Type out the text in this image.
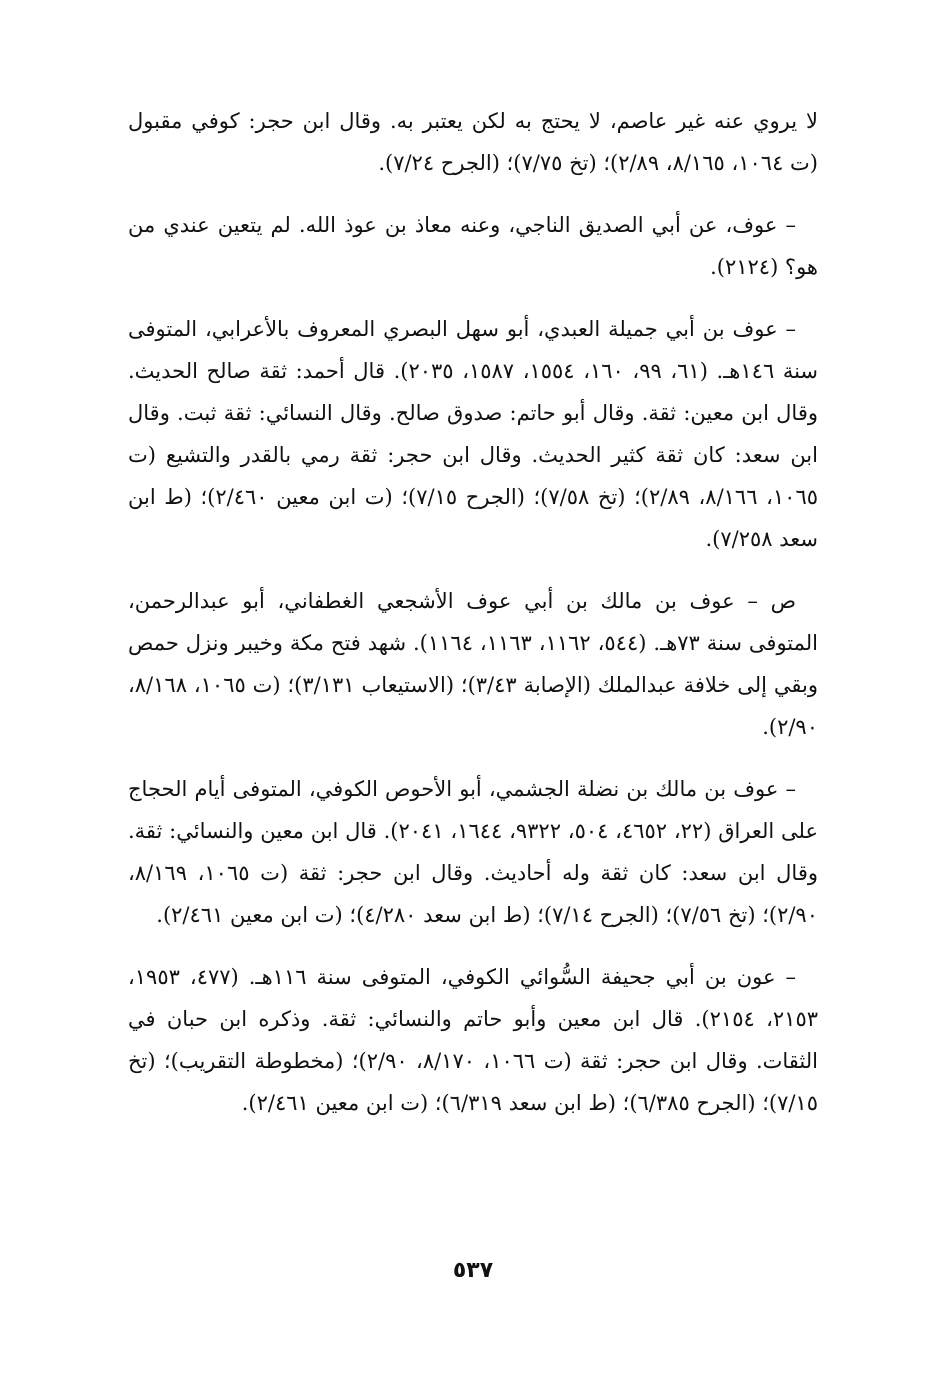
لا يروي عنه غير عاصم، لا يحتج به لكن يعتبر به. وقال ابن حجر: كوفي مقبول (ت ١٠٦٤، ٨/١٦٥، ٢/٨٩)؛ (تخ ٧/٧٥)؛ (الجرح ٧/٢٤).

– عوف، عن أبي الصديق الناجي، وعنه معاذ بن عوذ الله. لم يتعين عندي من هو؟ (٢١٢٤).

– عوف بن أبي جميلة العبدي، أبو سهل البصري المعروف بالأعرابي، المتوفى سنة ١٤٦هـ. (٦١، ٩٩، ١٦٠، ١٥٥٤، ١٥٨٧، ٢٠٣٥). قال أحمد: ثقة صالح الحديث. وقال ابن معين: ثقة. وقال أبو حاتم: صدوق صالح. وقال النسائي: ثقة ثبت. وقال ابن سعد: كان ثقة كثير الحديث. وقال ابن حجر: ثقة رمي بالقدر والتشيع (ت ١٠٦٥، ٨/١٦٦، ٢/٨٩)؛ (تخ ٧/٥٨)؛ (الجرح ٧/١٥)؛ (ت ابن معين ٢/٤٦٠)؛ (ط ابن سعد ٧/٢٥٨).

ص – عوف بن مالك بن أبي عوف الأشجعي الغطفاني، أبو عبدالرحمن، المتوفى سنة ٧٣هـ. (٥٤٤، ١١٦٢، ١١٦٣، ١١٦٤). شهد فتح مكة وخيبر ونزل حمص وبقي إلى خلافة عبدالملك (الإصابة ٣/٤٣)؛ (الاستيعاب ٣/١٣١)؛ (ت ١٠٦٥، ٨/١٦٨، ٢/٩٠).

– عوف بن مالك بن نضلة الجشمي، أبو الأحوص الكوفي، المتوفى أيام الحجاج على العراق (٢٢، ٤٦٥٢، ٥٠٤، ٩٣٢٢، ١٦٤٤، ٢٠٤١). قال ابن معين والنسائي: ثقة. وقال ابن سعد: كان ثقة وله أحاديث. وقال ابن حجر: ثقة (ت ١٠٦٥، ٨/١٦٩، ٢/٩٠)؛ (تخ ٧/٥٦)؛ (الجرح ٧/١٤)؛ (ط ابن سعد ٤/٢٨٠)؛ (ت ابن معين ٢/٤٦١).

– عون بن أبي جحيفة السُّوائي الكوفي، المتوفى سنة ١١٦هـ. (٤٧٧، ١٩٥٣، ٢١٥٣، ٢١٥٤). قال ابن معين وأبو حاتم والنسائي: ثقة. وذكره ابن حبان في الثقات. وقال ابن حجر: ثقة (ت ١٠٦٦، ٨/١٧٠، ٢/٩٠)؛ (مخطوطة التقريب)؛ (تخ ٧/١٥)؛ (الجرح ٦/٣٨٥)؛ (ط ابن سعد ٦/٣١٩)؛ (ت ابن معين ٢/٤٦١).

٥٣٧
